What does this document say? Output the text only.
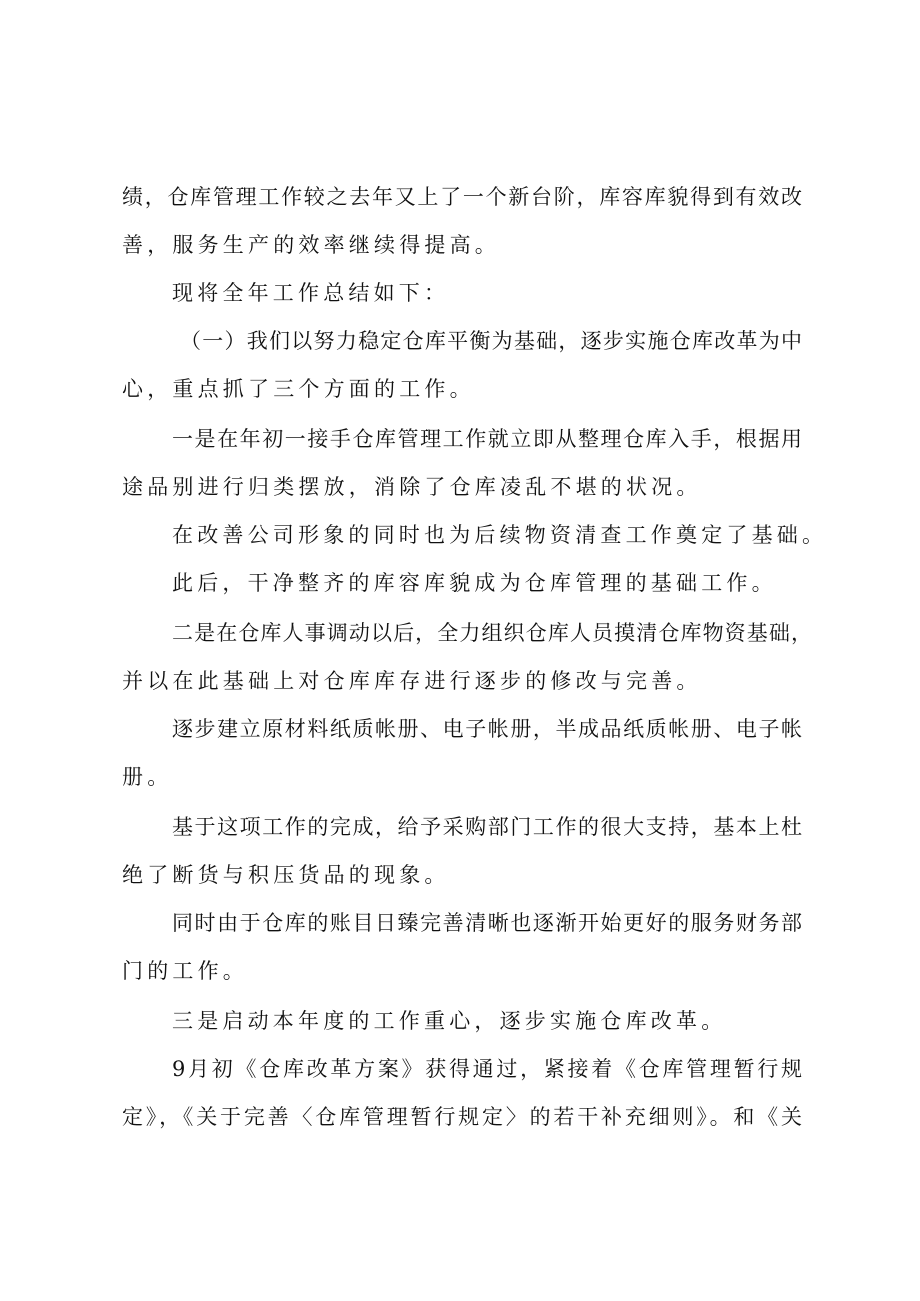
绩，仓库管理工作较之去年又上了一个新台阶，库容库貌得到有效改
善，服务生产的效率继续得提高。
现将全年工作总结如下：
（一）我们以努力稳定仓库平衡为基础，逐步实施仓库改革为中
心，重点抓了三个方面的工作。
一是在年初一接手仓库管理工作就立即从整理仓库入手，根据用
途品别进行归类摆放，消除了仓库凌乱不堪的状况。
在改善公司形象的同时也为后续物资清查工作奠定了基础。
此后，干净整齐的库容库貌成为仓库管理的基础工作。
二是在仓库人事调动以后，全力组织仓库人员摸清仓库物资基础，
并以在此基础上对仓库库存进行逐步的修改与完善。
逐步建立原材料纸质帐册、电子帐册，半成品纸质帐册、电子帐
册。
基于这项工作的完成，给予采购部门工作的很大支持，基本上杜
绝了断货与积压货品的现象。
同时由于仓库的账目日臻完善清晰也逐渐开始更好的服务财务部
门的工作。
三是启动本年度的工作重心，逐步实施仓库改革。
9月初《仓库改革方案》获得通过，紧接着《仓库管理暂行规
定》，《关于完善〈仓库管理暂行规定〉的若干补充细则》。和《关
